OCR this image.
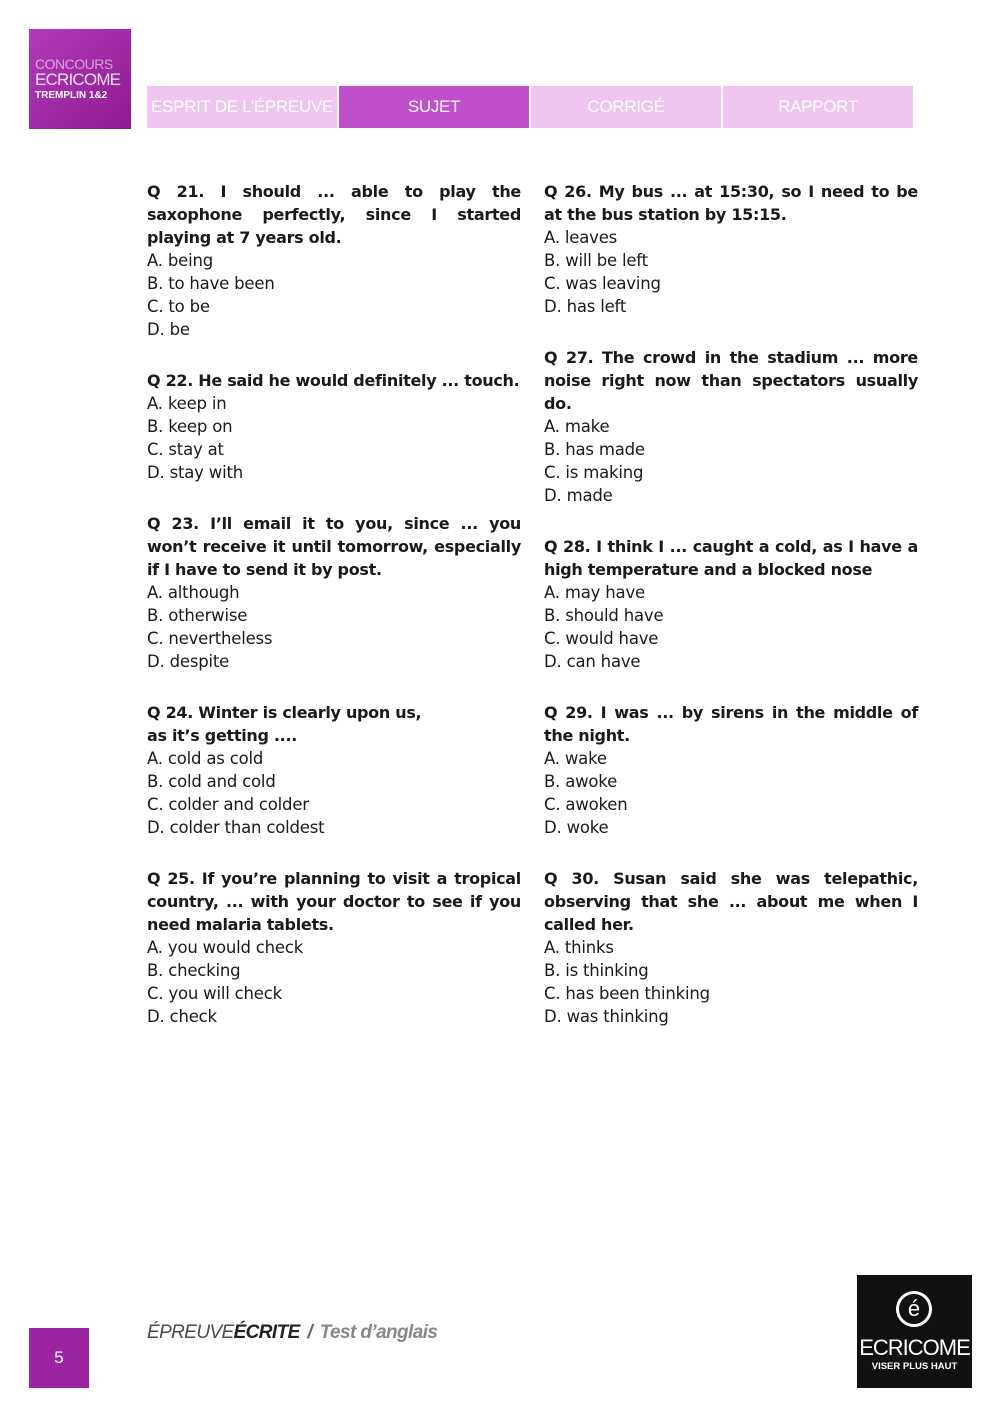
CONCOURS
ECRICOME
TREMPLIN 1&2
ESPRIT DE L’ÉPREUVE	SUJET	CORRIGÉ	RAPPORT
Q 21. I should ... able to play the saxophone perfectly, since I started playing at 7 years old.
A. being
B. to have been
C. to be
D. be
Q 22. He said he would definitely ... touch.
A. keep in
B. keep on
C. stay at
D. stay with
Q 23. I’ll email it to you, since ... you won’t receive it until tomorrow, especially if I have to send it by post.
A. although
B. otherwise
C. nevertheless
D. despite
Q 24. Winter is clearly upon us,
as it’s getting ....
A. cold as cold
B. cold and cold
C. colder and colder
D. colder than coldest
Q 25. If you’re planning to visit a tropical country, ... with your doctor to see if you need malaria tablets.
A. you would check
B. checking
C. you will check
D. check
Q 26. My bus ... at 15:30, so I need to be at the bus station by 15:15.
A. leaves
B. will be left
C. was leaving
D. has left
Q 27. The crowd in the stadium ... more noise right now than spectators usually do.
A. make
B. has made
C. is making
D. made
Q 28. I think I ... caught a cold, as I have a high temperature and a blocked nose
A. may have
B. should have
C. would have
D. can have
Q 29. I was ... by sirens in the middle of the night.
A. wake
B. awoke
C. awoken
D. woke
Q 30. Susan said she was telepathic, observing that she ... about me when I called her.
A. thinks
B. is thinking
C. has been thinking
D. was thinking
5
ÉPREUVEÉCRITE / Test d’anglais
é
ECRICOME
VISER PLUS HAUT
